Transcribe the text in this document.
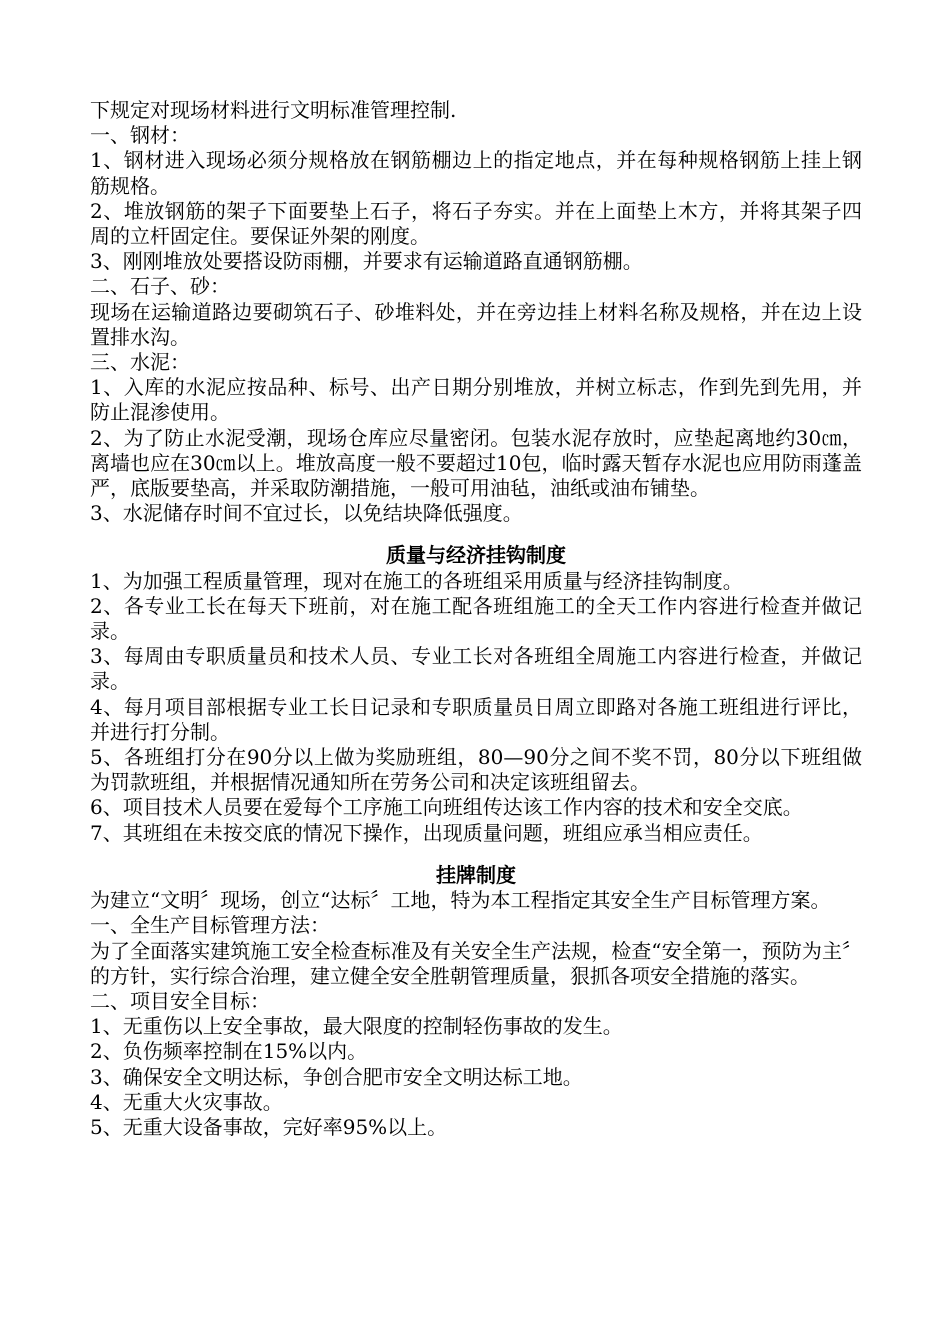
下规定对现场材料进行文明标准管理控制.

一、钢材：

1、钢材进入现场必须分规格放在钢筋棚边上的指定地点，并在每种规格钢筋上挂上钢筋规格。

2、堆放钢筋的架子下面要垫上石子，将石子夯实。并在上面垫上木方，并将其架子四周的立杆固定住。要保证外架的刚度。

3、刚刚堆放处要搭设防雨棚，并要求有运输道路直通钢筋棚。

二、石子、砂：

现场在运输道路边要砌筑石子、砂堆料处，并在旁边挂上材料名称及规格，并在边上设置排水沟。

三、水泥：

1、入库的水泥应按品种、标号、出产日期分别堆放，并树立标志，作到先到先用，并防止混渗使用。

2、为了防止水泥受潮，现场仓库应尽量密闭。包装水泥存放时，应垫起离地约30㎝，离墙也应在30㎝以上。堆放高度一般不要超过10包，临时露天暂存水泥也应用防雨蓬盖严，底版要垫高，并采取防潮措施，一般可用油毡，油纸或油布铺垫。

3、水泥储存时间不宜过长，以免结块降低强度。

质量与经济挂钩制度

1、为加强工程质量管理，现对在施工的各班组采用质量与经济挂钩制度。

2、各专业工长在每天下班前，对在施工配各班组施工的全天工作内容进行检查并做记录。

3、每周由专职质量员和技术人员、专业工长对各班组全周施工内容进行检查，并做记录。

4、每月项目部根据专业工长日记录和专职质量员日周立即路对各施工班组进行评比，并进行打分制。

5、各班组打分在90分以上做为奖励班组，80—90分之间不奖不罚，80分以下班组做为罚款班组，并根据情况通知所在劳务公司和决定该班组留去。

6、项目技术人员要在爱每个工序施工向班组传达该工作内容的技术和安全交底。

7、其班组在未按交底的情况下操作，出现质量问题，班组应承当相应责任。

挂牌制度

为建立“文明〞现场，创立“达标〞工地，特为本工程指定其安全生产目标管理方案。

一、全生产目标管理方法：

为了全面落实建筑施工安全检查标准及有关安全生产法规，检查“安全第一，预防为主〞的方针，实行综合治理，建立健全安全胜朝管理质量，狠抓各项安全措施的落实。

二、项目安全目标：

1、无重伤以上安全事故，最大限度的控制轻伤事故的发生。

2、负伤频率控制在15%以内。

3、确保安全文明达标，争创合肥市安全文明达标工地。

4、无重大火灾事故。

5、无重大设备事故，完好率95%以上。
